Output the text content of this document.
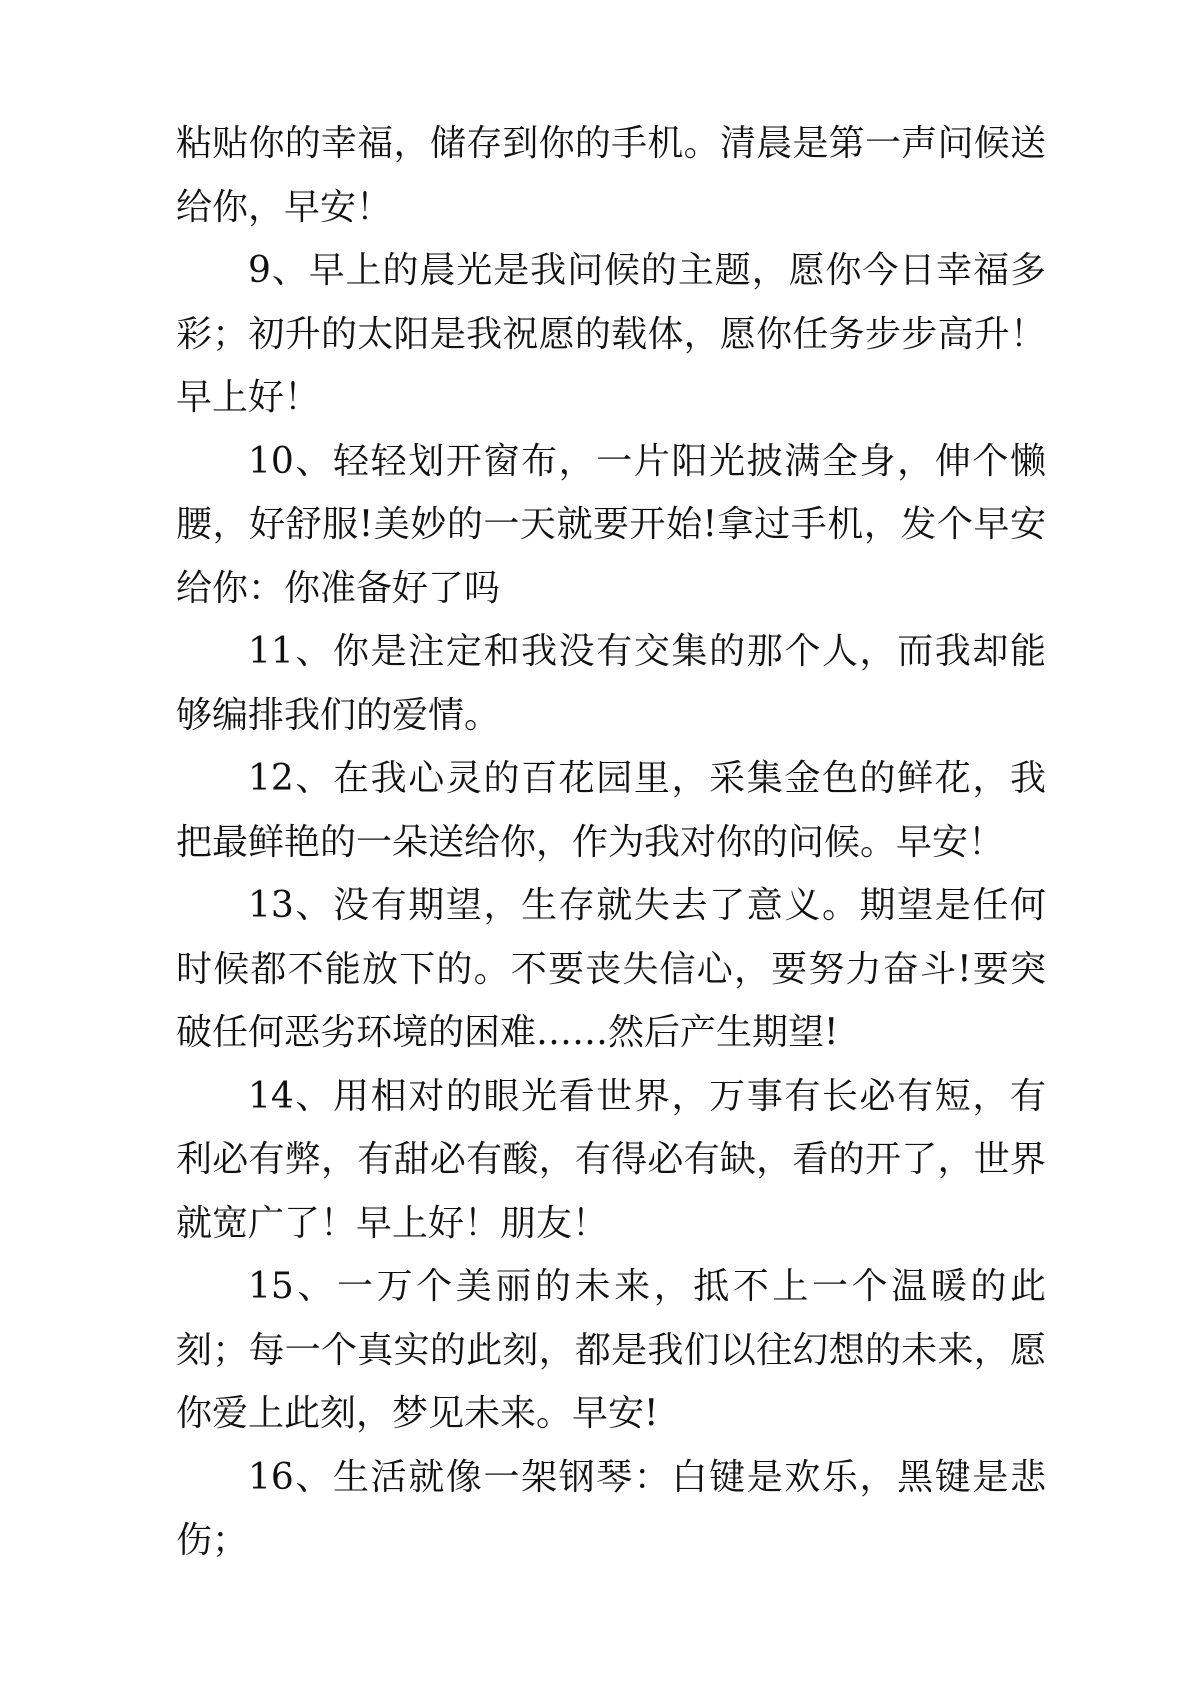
粘贴你的幸福，储存到你的手机。清晨是第一声问候送给你，早安！

9、早上的晨光是我问候的主题，愿你今日幸福多彩；初升的太阳是我祝愿的载体，愿你任务步步高升！早上好！

10、轻轻划开窗布，一片阳光披满全身，伸个懒腰，好舒服!美妙的一天就要开始!拿过手机，发个早安给你：你准备好了吗

11、你是注定和我没有交集的那个人，而我却能够编排我们的爱情。

12、在我心灵的百花园里，采集金色的鲜花，我把最鲜艳的一朵送给你，作为我对你的问候。早安！

13、没有期望，生存就失去了意义。期望是任何时候都不能放下的。不要丧失信心，要努力奋斗!要突破任何恶劣环境的困难……然后产生期望!

14、用相对的眼光看世界，万事有长必有短，有利必有弊，有甜必有酸，有得必有缺，看的开了，世界就宽广了！早上好！朋友！

15、一万个美丽的未来，抵不上一个温暖的此刻；每一个真实的此刻，都是我们以往幻想的未来，愿你爱上此刻，梦见未来。早安!

16、生活就像一架钢琴：白键是欢乐，黑键是悲伤；
